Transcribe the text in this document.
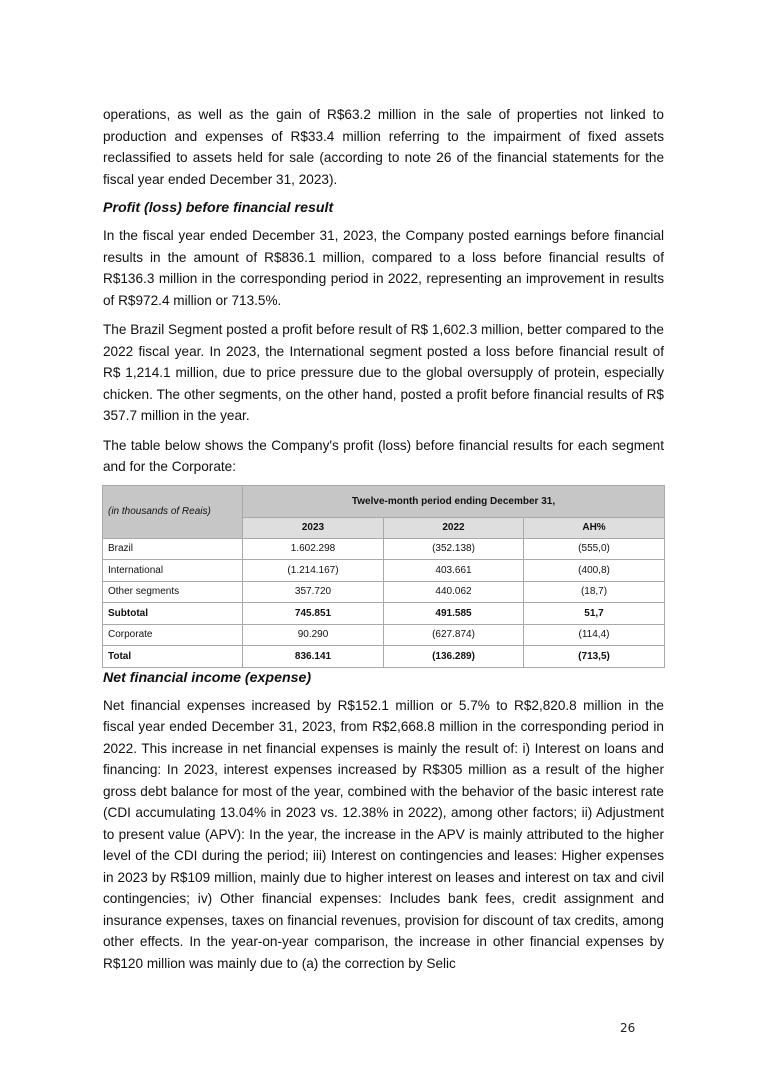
operations, as well as the gain of R$63.2 million in the sale of properties not linked to production and expenses of R$33.4 million referring to the impairment of fixed assets reclassified to assets held for sale (according to note 26 of the financial statements for the fiscal year ended December 31, 2023).

Profit (loss) before financial result

In the fiscal year ended December 31, 2023, the Company posted earnings before financial results in the amount of R$836.1 million, compared to a loss before financial results of R$136.3 million in the corresponding period in 2022, representing an improvement in results of R$972.4 million or 713.5%.

The Brazil Segment posted a profit before result of R$ 1,602.3 million, better compared to the 2022 fiscal year. In 2023, the International segment posted a loss before financial result of R$ 1,214.1 million, due to price pressure due to the global oversupply of protein, especially chicken. The other segments, on the other hand, posted a profit before financial results of R$ 357.7 million in the year.

The table below shows the Company's profit (loss) before financial results for each segment and for the Corporate:

(in thousands of Reais)	Twelve-month period ending December 31,		
	2023	2022	AH%
Brazil	1.602.298	(352.138)	(555,0)
International	(1.214.167)	403.661	(400,8)
Other segments	357.720	440.062	(18,7)
Subtotal	745.851	491.585	51,7
Corporate	90.290	(627.874)	(114,4)
Total	836.141	(136.289)	(713,5)
Net financial income (expense)

Net financial expenses increased by R$152.1 million or 5.7% to R$2,820.8 million in the fiscal year ended December 31, 2023, from R$2,668.8 million in the corresponding period in 2022. This increase in net financial expenses is mainly the result of: i) Interest on loans and financing: In 2023, interest expenses increased by R$305 million as a result of the higher gross debt balance for most of the year, combined with the behavior of the basic interest rate (CDI accumulating 13.04% in 2023 vs. 12.38% in 2022), among other factors; ii) Adjustment to present value (APV): In the year, the increase in the APV is mainly attributed to the higher level of the CDI during the period; iii) Interest on contingencies and leases: Higher expenses in 2023 by R$109 million, mainly due to higher interest on leases and interest on tax and civil contingencies; iv) Other financial expenses: Includes bank fees, credit assignment and insurance expenses, taxes on financial revenues, provision for discount of tax credits, among other effects. In the year-on-year comparison, the increase in other financial expenses by R$120 million was mainly due to (a) the correction by Selic

26
